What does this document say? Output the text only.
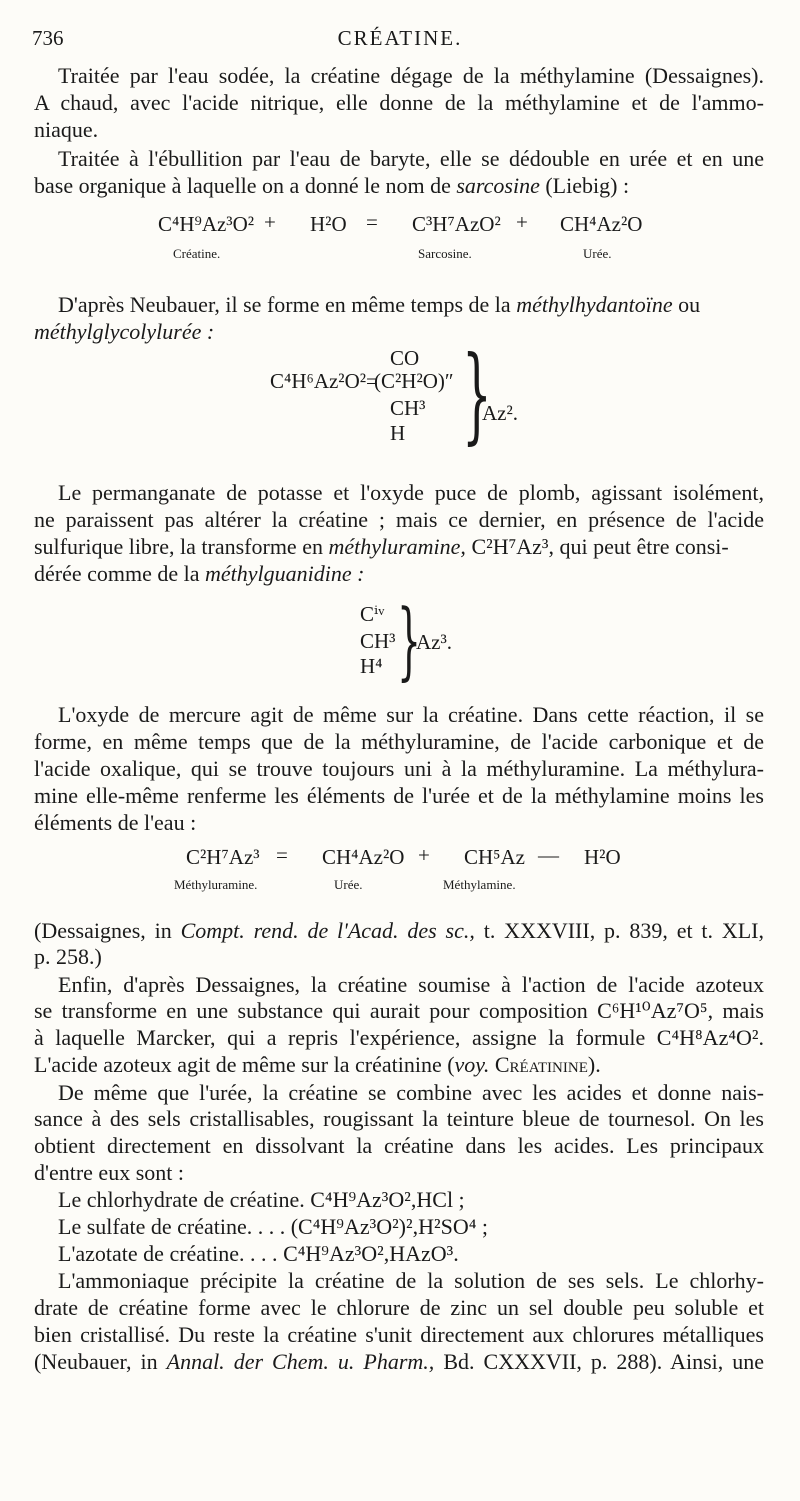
736	CRÉATINE.
Traitée par l'eau sodée, la créatine dégage de la méthylamine (Dessaignes).
A chaud, avec l'acide nitrique, elle donne de la méthylamine et de l'ammo-
niaque.
Traitée à l'ébullition par l'eau de baryte, elle se dédouble en urée et en une
base organique à laquelle on a donné le nom de sarcosine (Liebig) :
C⁴H⁹Az³O² + H²O = C³H⁷AzO² + CH⁴Az²O
Créatine.	Sarcosine.	Urée.
D'après Neubauer, il se forme en même temps de la méthylhydantoïne ou
méthylglycolylurée :
CO
C⁴H⁶Az²O²=
(C²H²O)″
CH³
H }
Az².
Le permanganate de potasse et l'oxyde puce de plomb, agissant isolément,
ne paraissent pas altérer la créatine ; mais ce dernier, en présence de l'acide
sulfurique libre, la transforme en méthyluramine, C²H⁷Az³, qui peut être consi-
dérée comme de la méthylguanidine :
Cⁱᵛ
CH³
H⁴ }
Az³.
L'oxyde de mercure agit de même sur la créatine. Dans cette réaction, il se
forme, en même temps que de la méthyluramine, de l'acide carbonique et de
l'acide oxalique, qui se trouve toujours uni à la méthyluramine. La méthylura-
mine elle-même renferme les éléments de l'urée et de la méthylamine moins les
éléments de l'eau :
C²H⁷Az³ = CH⁴Az²O + CH⁵Az — H²O
Méthyluramine.	Urée.	Méthylamine.
(Dessaignes, in Compt. rend. de l'Acad. des sc., t. XXXVIII, p. 839, et t. XLI,
p. 258.)
Enfin, d'après Dessaignes, la créatine soumise à l'action de l'acide azoteux
se transforme en une substance qui aurait pour composition C⁶H¹⁰Az⁷O⁵, mais
à laquelle Marcker, qui a repris l'expérience, assigne la formule C⁴H⁸Az⁴O².
L'acide azoteux agit de même sur la créatinine (voy. Créatinine).
De même que l'urée, la créatine se combine avec les acides et donne nais-
sance à des sels cristallisables, rougissant la teinture bleue de tournesol. On les
obtient directement en dissolvant la créatine dans les acides. Les principaux
d'entre eux sont :
Le chlorhydrate de créatine. C⁴H⁹Az³O²,HCl ;
Le sulfate de créatine. . . . (C⁴H⁹Az³O²)²,H²SO⁴ ;
L'azotate de créatine. . . . C⁴H⁹Az³O²,HAzO³.
L'ammoniaque précipite la créatine de la solution de ses sels. Le chlorhy-
drate de créatine forme avec le chlorure de zinc un sel double peu soluble et
bien cristallisé. Du reste la créatine s'unit directement aux chlorures métalliques
(Neubauer, in Annal. der Chem. u. Pharm., Bd. CXXXVII, p. 288). Ainsi, une
